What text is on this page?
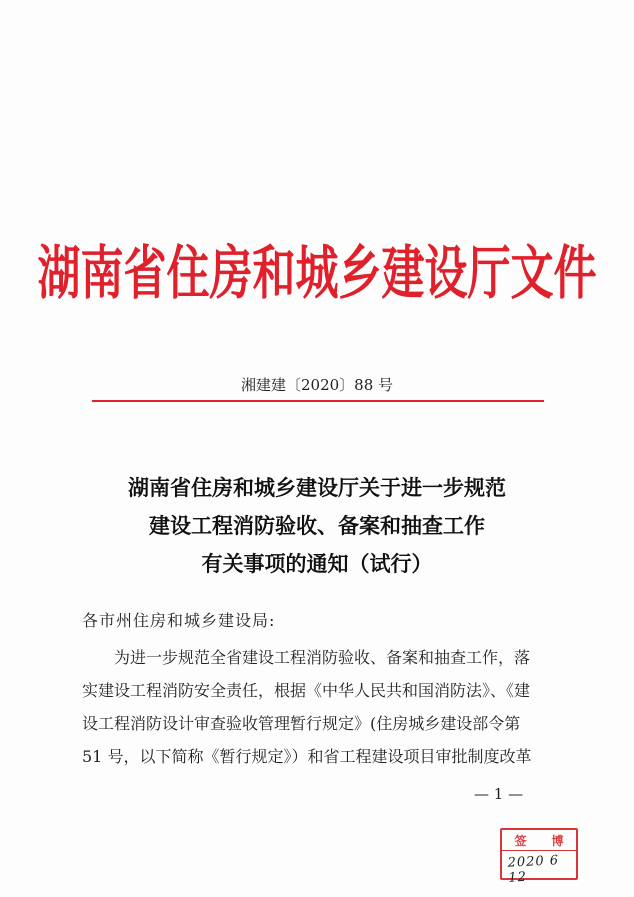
湖南省住房和城乡建设厅文件
湘建建〔2020〕88 号
湖南省住房和城乡建设厅关于进一步规范
建设工程消防验收、备案和抽查工作
有关事项的通知（试行）
各市州住房和城乡建设局:
为进一步规范全省建设工程消防验收、备案和抽查工作，落
实建设工程消防安全责任，根据《中华人民共和国消防法》、《建
设工程消防设计审查验收管理暂行规定》(住房城乡建设部令第
51 号，以下简称《暂行规定》）和省工程建设项目审批制度改革
— 1 —
签 博
2020 6 12
